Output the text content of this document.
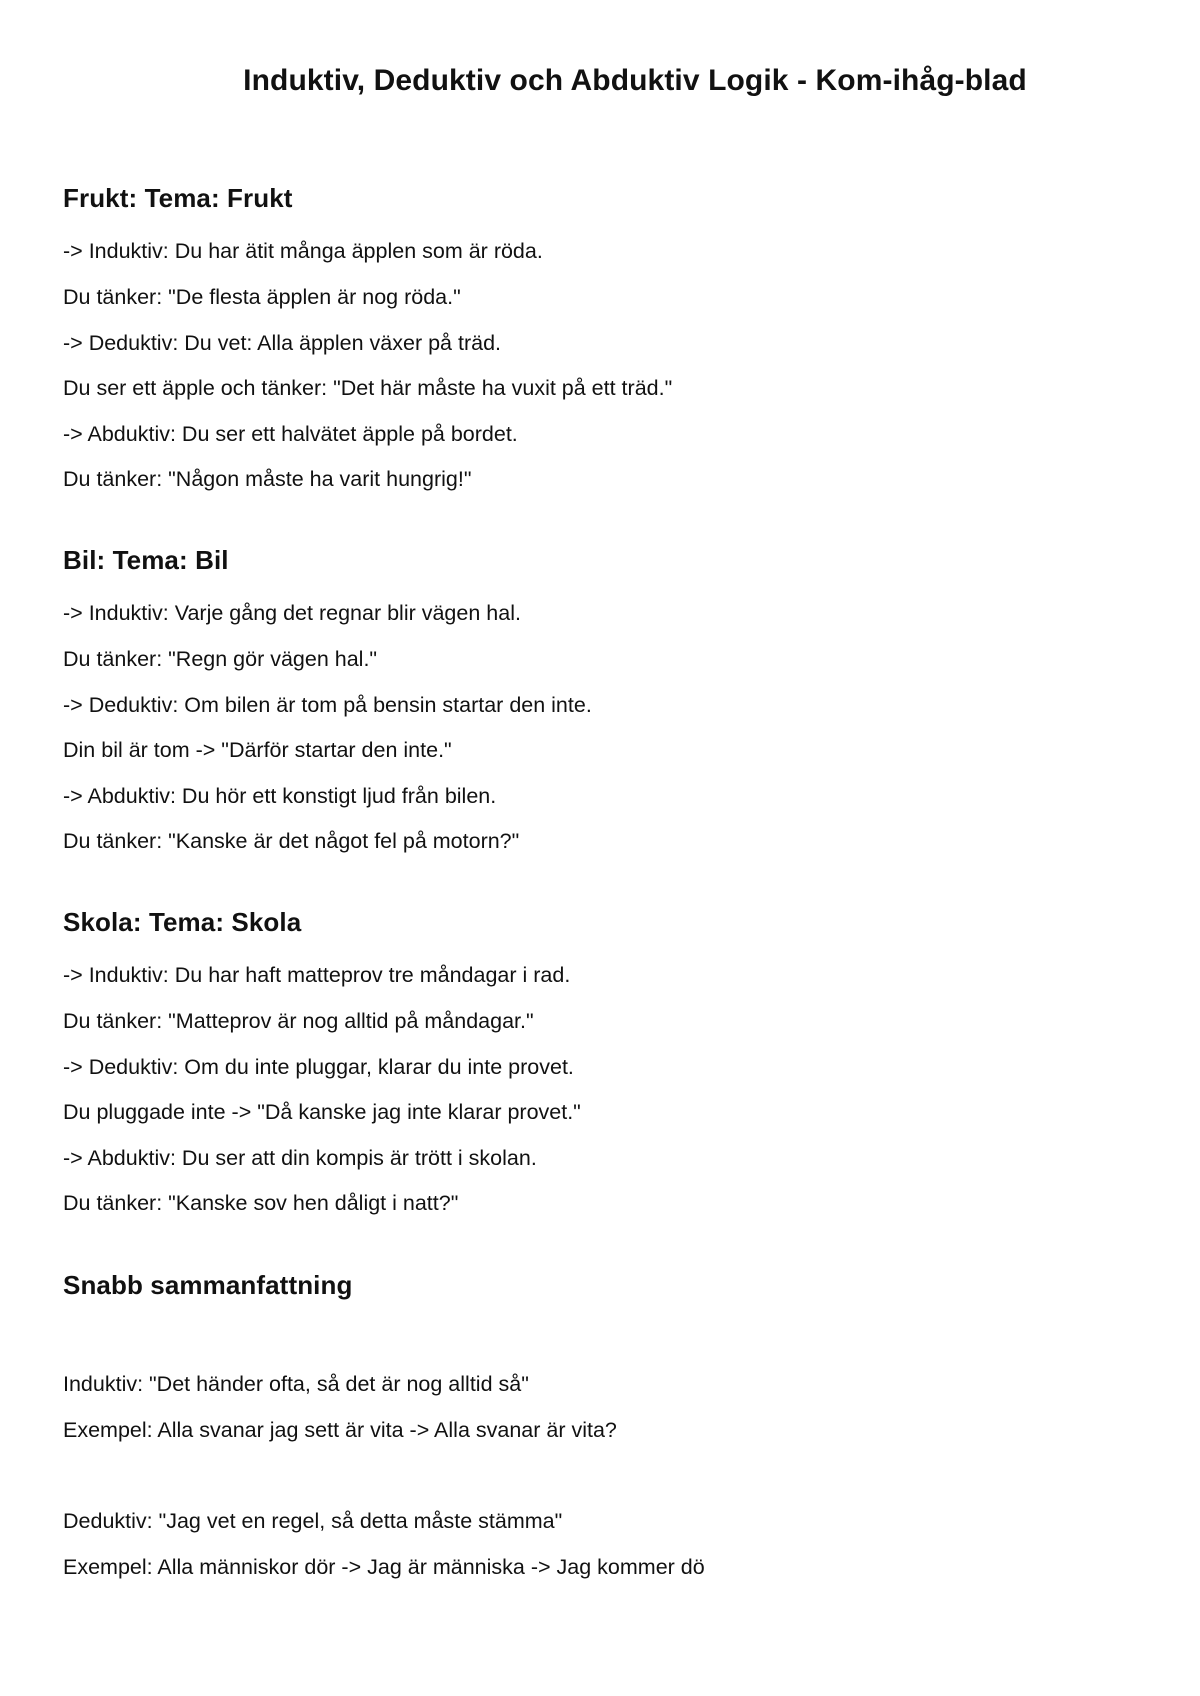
Induktiv, Deduktiv och Abduktiv Logik - Kom-ihåg-blad
Frukt: Tema: Frukt

-> Induktiv: Du har ätit många äpplen som är röda.

Du tänker: "De flesta äpplen är nog röda."

-> Deduktiv: Du vet: Alla äpplen växer på träd.

Du ser ett äpple och tänker: "Det här måste ha vuxit på ett träd."

-> Abduktiv: Du ser ett halvätet äpple på bordet.

Du tänker: "Någon måste ha varit hungrig!"

Bil: Tema: Bil

-> Induktiv: Varje gång det regnar blir vägen hal.

Du tänker: "Regn gör vägen hal."

-> Deduktiv: Om bilen är tom på bensin startar den inte.

Din bil är tom -> "Därför startar den inte."

-> Abduktiv: Du hör ett konstigt ljud från bilen.

Du tänker: "Kanske är det något fel på motorn?"

Skola: Tema: Skola

-> Induktiv: Du har haft matteprov tre måndagar i rad.

Du tänker: "Matteprov är nog alltid på måndagar."

-> Deduktiv: Om du inte pluggar, klarar du inte provet.

Du pluggade inte -> "Då kanske jag inte klarar provet."

-> Abduktiv: Du ser att din kompis är trött i skolan.

Du tänker: "Kanske sov hen dåligt i natt?"

Snabb sammanfattning

Induktiv: "Det händer ofta, så det är nog alltid så"

Exempel: Alla svanar jag sett är vita -> Alla svanar är vita?

Deduktiv: "Jag vet en regel, så detta måste stämma"

Exempel: Alla människor dör -> Jag är människa -> Jag kommer dö
